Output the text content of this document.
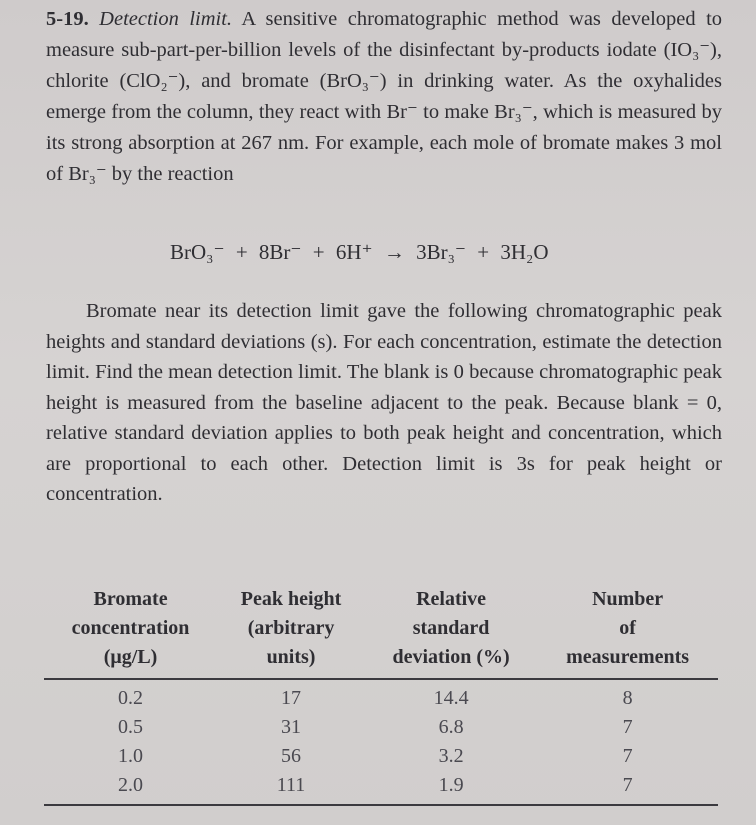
5-19. Detection limit. A sensitive chromatographic method was developed to measure sub-part-per-billion levels of the disinfectant by-products iodate (IO₃⁻), chlorite (ClO₂⁻), and bromate (BrO₃⁻) in drinking water. As the oxyhalides emerge from the column, they react with Br⁻ to make Br₃⁻, which is measured by its strong absorption at 267 nm. For example, each mole of bromate makes 3 mol of Br₃⁻ by the reaction

BrO₃⁻ + 8Br⁻ + 6H⁺ → 3Br₃⁻ + 3H₂O

Bromate near its detection limit gave the following chromatographic peak heights and standard deviations (s). For each concentration, estimate the detection limit. Find the mean detection limit. The blank is 0 because chromatographic peak height is measured from the baseline adjacent to the peak. Because blank = 0, relative standard deviation applies to both peak height and concentration, which are proportional to each other. Detection limit is 3s for peak height or concentration.

Bromate
concentration
(μg/L)	Peak height
(arbitrary
units)	Relative
standard
deviation (%)	Number
of
measurements

0.2	17	14.4	8
0.5	31	6.8	7
1.0	56	3.2	7
2.0	111	1.9	7
